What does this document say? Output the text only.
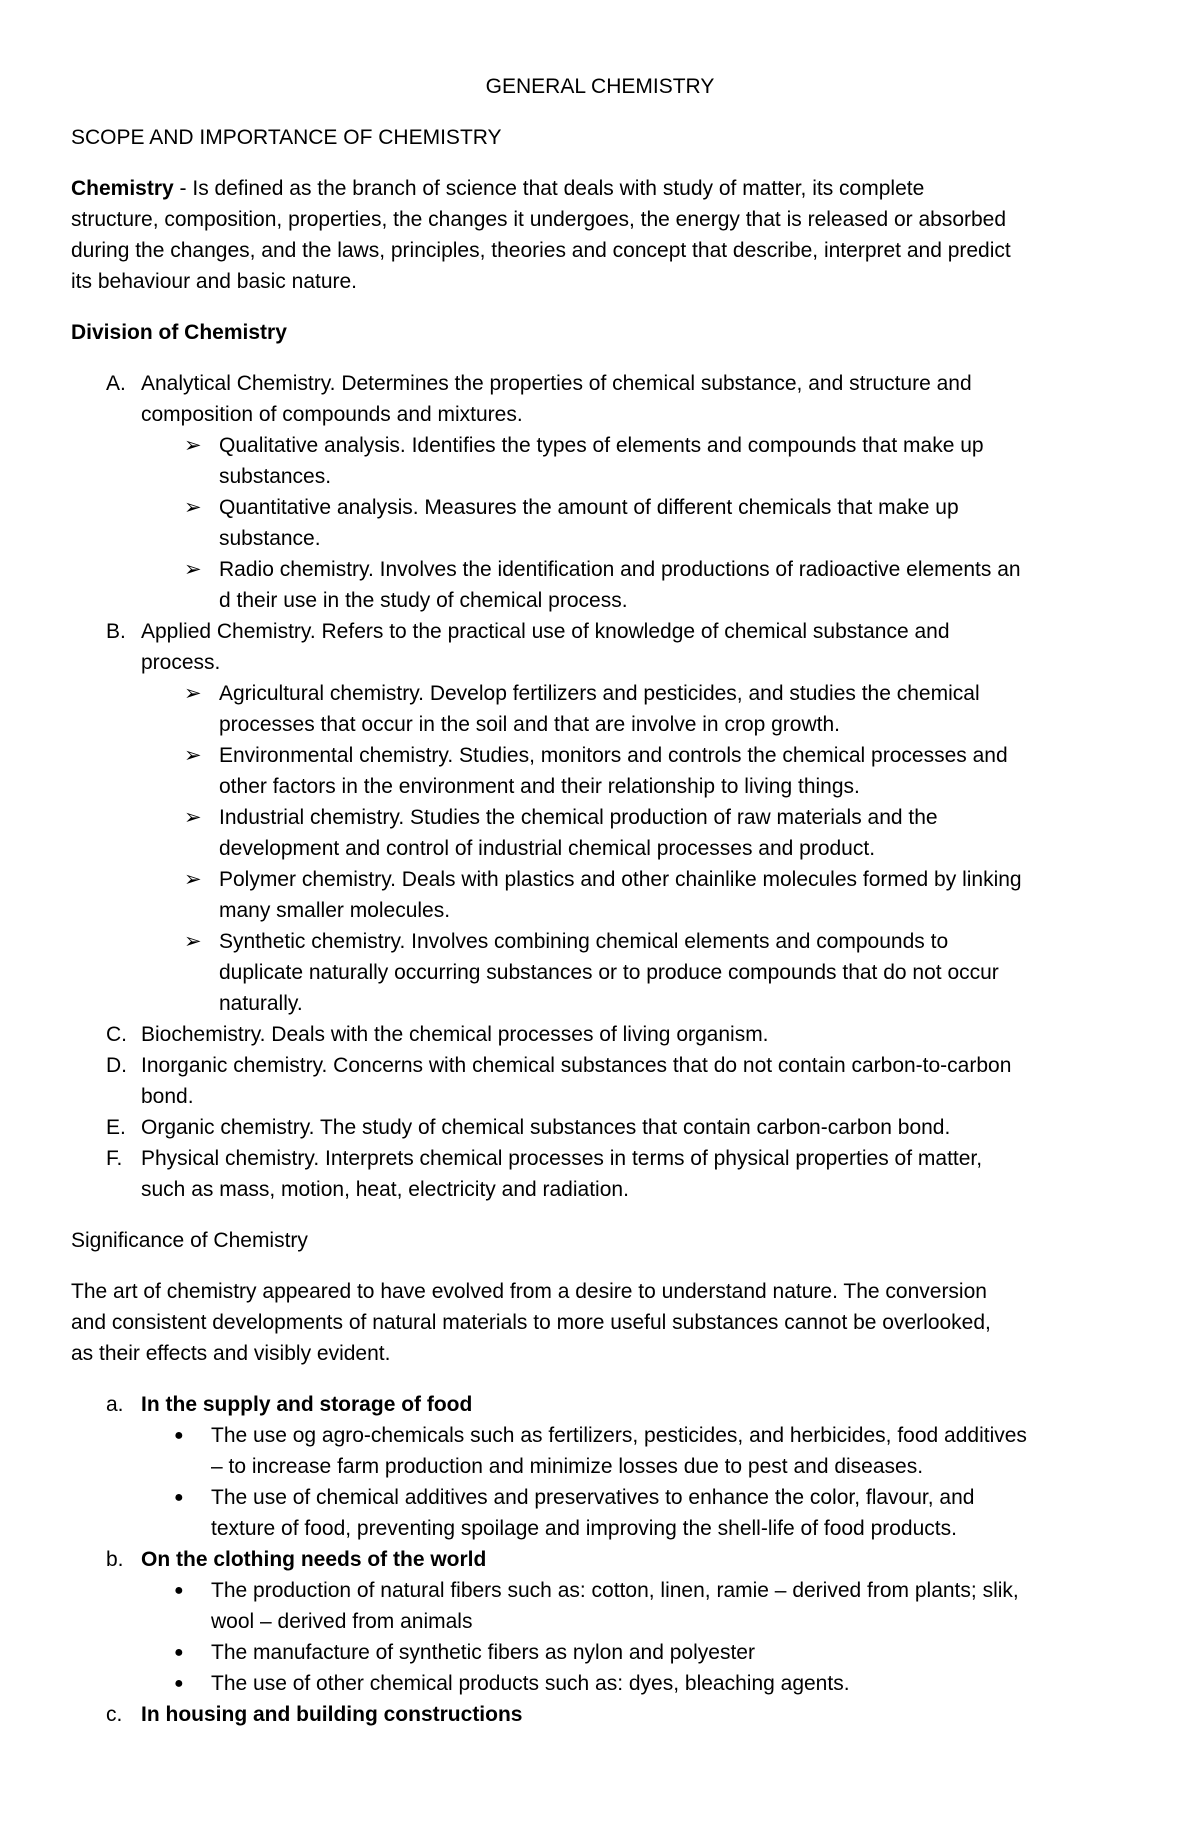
GENERAL CHEMISTRY
SCOPE AND IMPORTANCE OF CHEMISTRY
Chemistry - Is defined as the branch of science that deals with study of matter, its complete
structure, composition, properties, the changes it undergoes, the energy that is released or absorbed
during the changes, and the laws, principles, theories and concept that describe, interpret and predict
its behaviour and basic nature.
Division of Chemistry
A. Analytical Chemistry. Determines the properties of chemical substance, and structure and
composition of compounds and mixtures.
➢ Qualitative analysis. Identifies the types of elements and compounds that make up
substances.
➢ Quantitative analysis. Measures the amount of different chemicals that make up
substance.
➢ Radio chemistry. Involves the identification and productions of radioactive elements an
d their use in the study of chemical process.
B. Applied Chemistry. Refers to the practical use of knowledge of chemical substance and
process.
➢ Agricultural chemistry. Develop fertilizers and pesticides, and studies the chemical
processes that occur in the soil and that are involve in crop growth.
➢ Environmental chemistry. Studies, monitors and controls the chemical processes and
other factors in the environment and their relationship to living things.
➢ Industrial chemistry. Studies the chemical production of raw materials and the
development and control of industrial chemical processes and product.
➢ Polymer chemistry. Deals with plastics and other chainlike molecules formed by linking
many smaller molecules.
➢ Synthetic chemistry. Involves combining chemical elements and compounds to
duplicate naturally occurring substances or to produce compounds that do not occur
naturally.
C. Biochemistry. Deals with the chemical processes of living organism.
D. Inorganic chemistry. Concerns with chemical substances that do not contain carbon-to-carbon
bond.
E. Organic chemistry. The study of chemical substances that contain carbon-carbon bond.
F. Physical chemistry. Interprets chemical processes in terms of physical properties of matter,
such as mass, motion, heat, electricity and radiation.
Significance of Chemistry
The art of chemistry appeared to have evolved from a desire to understand nature. The conversion
and consistent developments of natural materials to more useful substances cannot be overlooked,
as their effects and visibly evident.
a. In the supply and storage of food
● The use og agro-chemicals such as fertilizers, pesticides, and herbicides, food additives
– to increase farm production and minimize losses due to pest and diseases.
● The use of chemical additives and preservatives to enhance the color, flavour, and
texture of food, preventing spoilage and improving the shell-life of food products.
b. On the clothing needs of the world
● The production of natural fibers such as: cotton, linen, ramie – derived from plants; slik,
wool – derived from animals
● The manufacture of synthetic fibers as nylon and polyester
● The use of other chemical products such as: dyes, bleaching agents.
c. In housing and building constructions
